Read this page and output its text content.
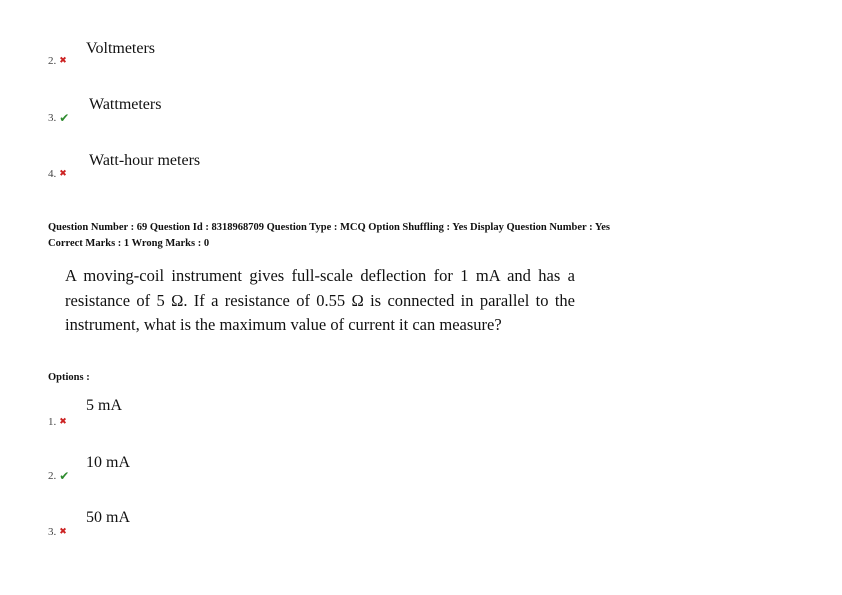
Voltmeters
2. ✖
Wattmeters
3. ✔
Watt-hour meters
4. ✖
Question Number : 69 Question Id : 8318968709 Question Type : MCQ Option Shuffling : Yes Display Question Number : Yes
Correct Marks : 1 Wrong Marks : 0
A moving-coil instrument gives full-scale deflection for 1 mA and has a resistance of 5 Ω. If a resistance of 0.55 Ω is connected in parallel to the instrument, what is the maximum value of current it can measure?
Options :
5 mA
1. ✖
10 mA
2. ✔
50 mA
3. ✖
